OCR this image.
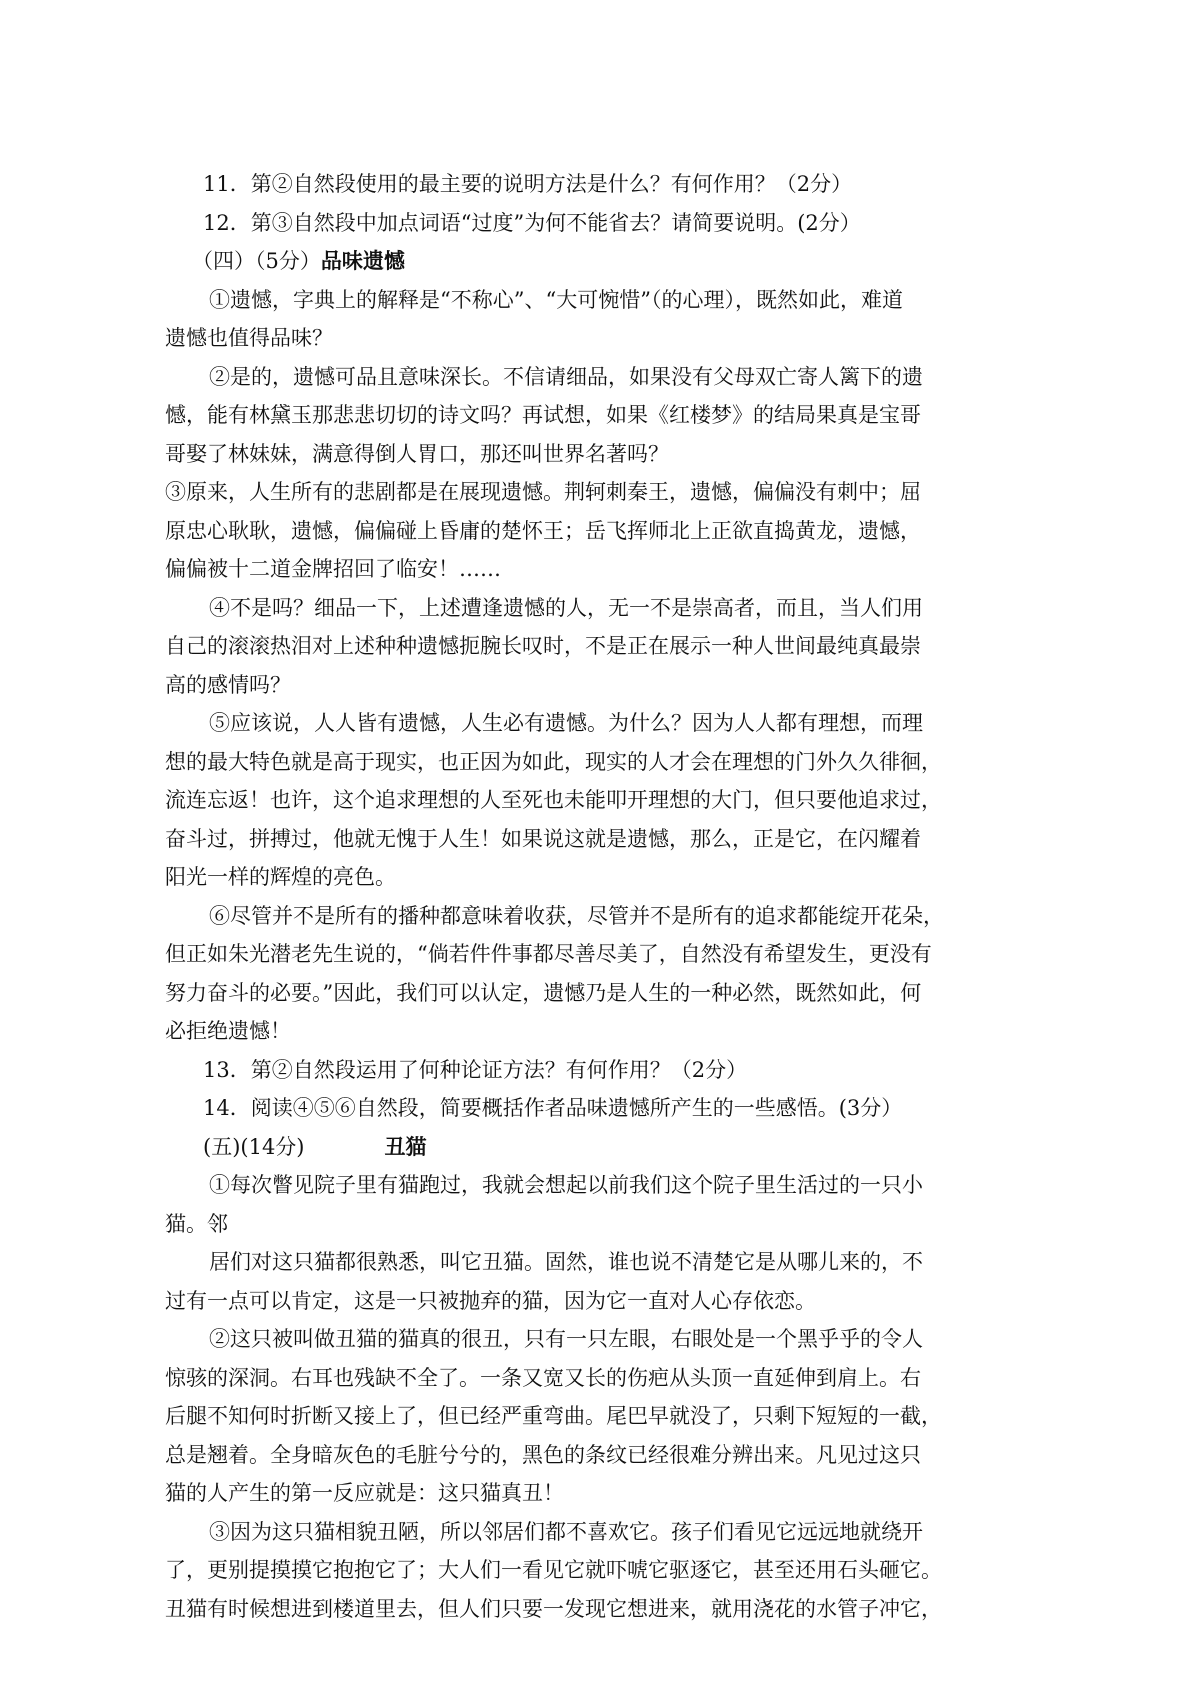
11．第②自然段使用的最主要的说明方法是什么？有何作用？（2分）

12．第③自然段中加点词语“过度”为何不能省去？请简要说明。(2分）

（四）（5分）品味遗憾

①遗憾，字典上的解释是“不称心”、“大可惋惜”（的心理），既然如此，难道

遗憾也值得品味？

②是的，遗憾可品且意味深长。不信请细品，如果没有父母双亡寄人篱下的遗

憾，能有林黛玉那悲悲切切的诗文吗？再试想，如果《红楼梦》的结局果真是宝哥

哥娶了林妹妹，满意得倒人胃口，那还叫世界名著吗？

③原来，人生所有的悲剧都是在展现遗憾。荆轲刺秦王，遗憾，偏偏没有刺中；屈

原忠心耿耿，遗憾，偏偏碰上昏庸的楚怀王；岳飞挥师北上正欲直捣黄龙，遗憾，

偏偏被十二道金牌招回了临安！……

④不是吗？细品一下，上述遭逢遗憾的人，无一不是崇高者，而且，当人们用

自己的滚滚热泪对上述种种遗憾扼腕长叹时，不是正在展示一种人世间最纯真最崇

高的感情吗？

⑤应该说，人人皆有遗憾，人生必有遗憾。为什么？因为人人都有理想，而理

想的最大特色就是高于现实，也正因为如此，现实的人才会在理想的门外久久徘徊，

流连忘返！也许，这个追求理想的人至死也未能叩开理想的大门，但只要他追求过，

奋斗过，拼搏过，他就无愧于人生！如果说这就是遗憾，那么，正是它，在闪耀着

阳光一样的辉煌的亮色。

⑥尽管并不是所有的播种都意味着收获，尽管并不是所有的追求都能绽开花朵，

但正如朱光潜老先生说的，“倘若件件事都尽善尽美了，自然没有希望发生，更没有

努力奋斗的必要。”因此，我们可以认定，遗憾乃是人生的一种必然，既然如此，何

必拒绝遗憾！

13．第②自然段运用了何种论证方法？有何作用？（2分）

14．阅读④⑤⑥自然段，简要概括作者品味遗憾所产生的一些感悟。(3分）

(五)(14分)	丑猫

①每次瞥见院子里有猫跑过，我就会想起以前我们这个院子里生活过的一只小

猫。邻

居们对这只猫都很熟悉，叫它丑猫。固然，谁也说不清楚它是从哪儿来的，不

过有一点可以肯定，这是一只被抛弃的猫，因为它一直对人心存依恋。

②这只被叫做丑猫的猫真的很丑，只有一只左眼，右眼处是一个黑乎乎的令人

惊骇的深洞。右耳也残缺不全了。一条又宽又长的伤疤从头顶一直延伸到肩上。右

后腿不知何时折断又接上了，但已经严重弯曲。尾巴早就没了，只剩下短短的一截，

总是翘着。全身暗灰色的毛脏兮兮的，黑色的条纹已经很难分辨出来。凡见过这只

猫的人产生的第一反应就是：这只猫真丑！

③因为这只猫相貌丑陋，所以邻居们都不喜欢它。孩子们看见它远远地就绕开

了，更别提摸摸它抱抱它了；大人们一看见它就吓唬它驱逐它，甚至还用石头砸它。

丑猫有时候想进到楼道里去，但人们只要一发现它想进来，就用浇花的水管子冲它，
